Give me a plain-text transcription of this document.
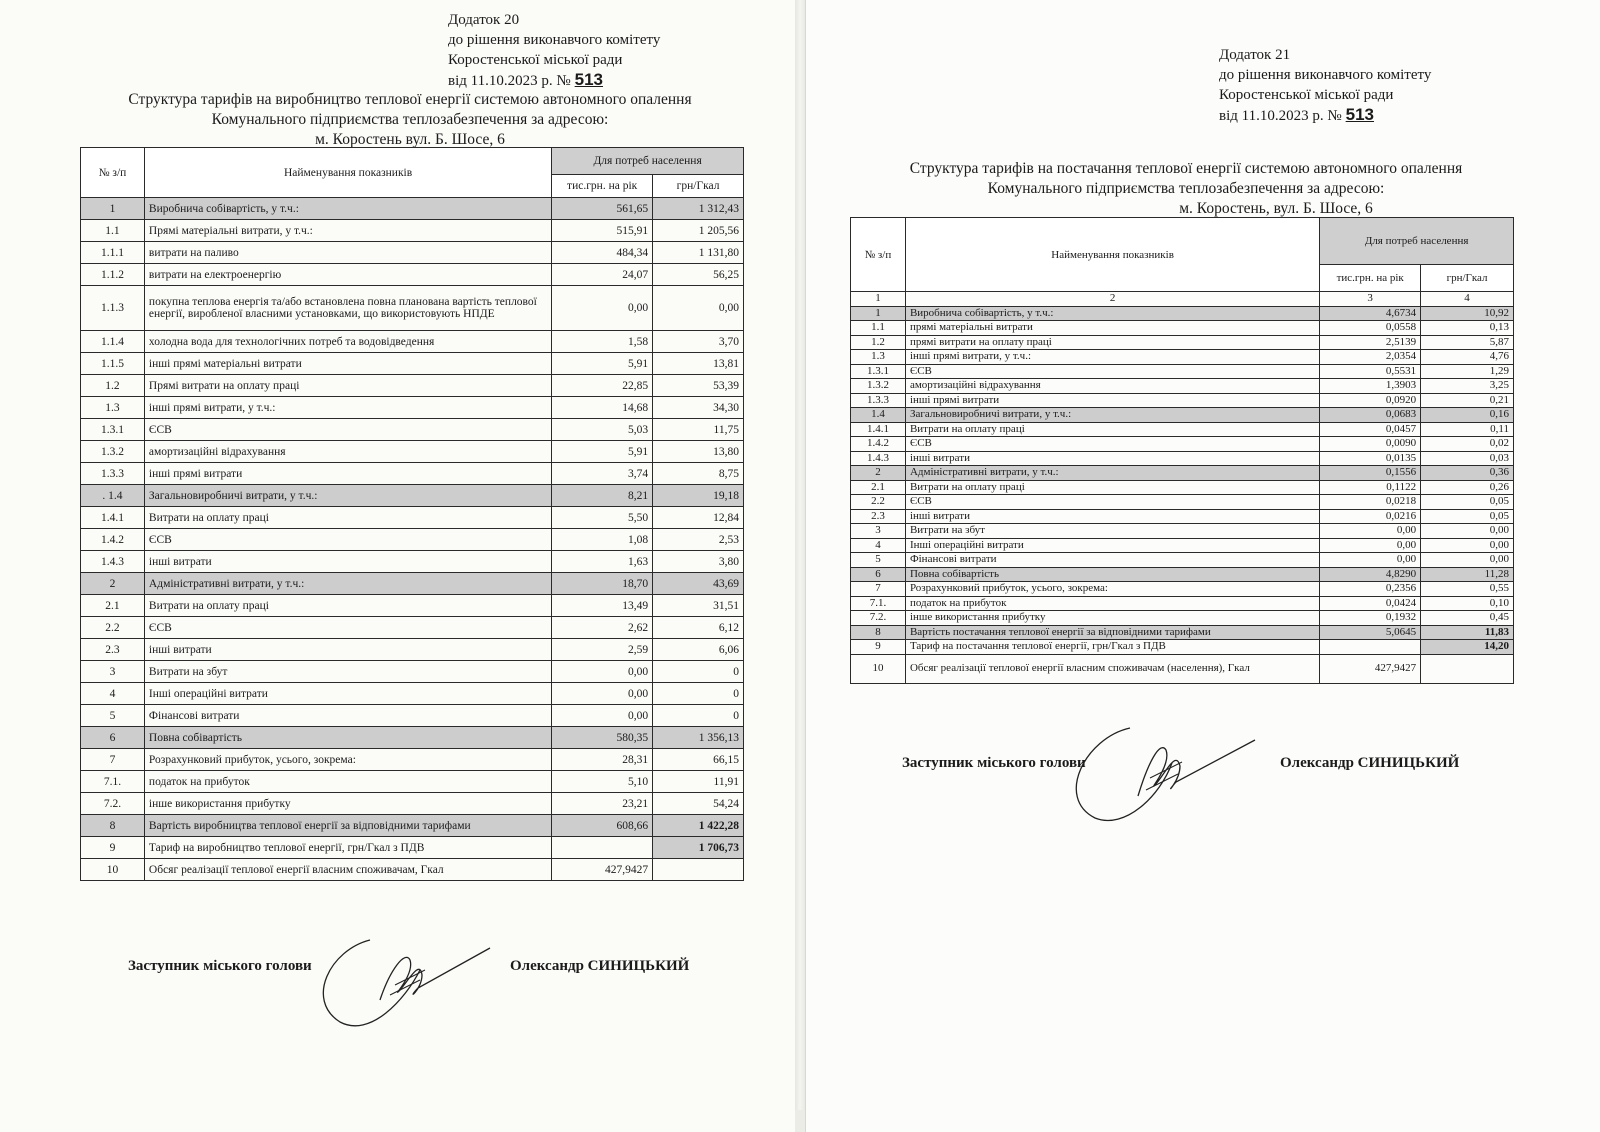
Додаток 20
до рішення виконавчого комітету
Коростенської міської ради
від 11.10.2023 р. № 513
Структура тарифів на виробництво теплової енергії системою автономного опалення
Комунального підприємства теплозабезпечення за адресою:
м. Коростень вул. Б. Шосе, 6
№ з/п	Найменування показників	Для потреб населення	
		тис.грн. на рік	грн/Гкал
1	Виробнича собівартість, у т.ч.:	561,65	1 312,43
1.1	Прямі матеріальні витрати, у т.ч.:	515,91	1 205,56
1.1.1	витрати на паливо	484,34	1 131,80
1.1.2	витрати на електроенергію	24,07	56,25
1.1.3	покупна теплова енергія та/або встановлена повна планована вартість теплової енергії, виробленої власними установками, що використовують НПДЕ	0,00	0,00
1.1.4	холодна вода для технологічних потреб та водовідведення	1,58	3,70
1.1.5	інші прямі матеріальні витрати	5,91	13,81
1.2	Прямі витрати на оплату праці	22,85	53,39
1.3	інші прямі витрати, у т.ч.:	14,68	34,30
1.3.1	ЄСВ	5,03	11,75
1.3.2	амортизаційні відрахування	5,91	13,80
1.3.3	інші прямі витрати	3,74	8,75
. 1.4	Загальновиробничі витрати, у т.ч.:	8,21	19,18
1.4.1	Витрати на оплату праці	5,50	12,84
1.4.2	ЄСВ	1,08	2,53
1.4.3	інші витрати	1,63	3,80
2	Адміністративні витрати, у т.ч.:	18,70	43,69
2.1	Витрати на оплату праці	13,49	31,51
2.2	ЄСВ	2,62	6,12
2.3	інші витрати	2,59	6,06
3	Витрати на збут	0,00	0
4	Інші операційні витрати	0,00	0
5	Фінансові витрати	0,00	0
6	Повна собівартість	580,35	1 356,13
7	Розрахунковий прибуток, усього, зокрема:	28,31	66,15
7.1.	податок на прибуток	5,10	11,91
7.2.	інше використання прибутку	23,21	54,24
8	Вартість виробництва теплової енергії за відповідними тарифами	608,66	1 422,28
9	Тариф на виробництво теплової енергії, грн/Гкал з ПДВ		1 706,73
10	Обсяг реалізації теплової енергії власним споживачам, Гкал	427,9427	
Заступник міського голови	Олександр СИНИЦЬКИЙ
Додаток 21
до рішення виконавчого комітету
Коростенської міської ради
від 11.10.2023 р. № 513
Структура тарифів на постачання теплової енергії системою автономного опалення
Комунального підприємства теплозабезпечення за адресою:
м. Коростень, вул. Б. Шосе, 6
№ з/п	Найменування показників	Для потреб населення	
		тис.грн. на рік	грн/Гкал
1	2	3	4
1	Виробнича собівартість, у т.ч.:	4,6734	10,92
1.1	прямі матеріальні витрати	0,0558	0,13
1.2	прямі витрати на оплату праці	2,5139	5,87
1.3	інші прямі витрати, у т.ч.:	2,0354	4,76
1.3.1	ЄСВ	0,5531	1,29
1.3.2	амортизаційні відрахування	1,3903	3,25
1.3.3	інші прямі витрати	0,0920	0,21
1.4	Загальновиробничі витрати, у т.ч.:	0,0683	0,16
1.4.1	Витрати на оплату праці	0,0457	0,11
1.4.2	ЄСВ	0,0090	0,02
1.4.3	інші витрати	0,0135	0,03
2	Адміністративні витрати, у т.ч.:	0,1556	0,36
2.1	Витрати на оплату праці	0,1122	0,26
2.2	ЄСВ	0,0218	0,05
2.3	інші витрати	0,0216	0,05
3	Витрати на збут	0,00	0,00
4	Інші операційні витрати	0,00	0,00
5	Фінансові витрати	0,00	0,00
6	Повна собівартість	4,8290	11,28
7	Розрахунковий прибуток, усього, зокрема:	0,2356	0,55
7.1.	податок на прибуток	0,0424	0,10
7.2.	інше використання прибутку	0,1932	0,45
8	Вартість постачання теплової енергії за відповідними тарифами	5,0645	11,83
9	Тариф на постачання теплової енергії, грн/Гкал з ПДВ		14,20
10	Обсяг реалізації теплової енергії власним споживачам (населення), Гкал	427,9427	
Заступник міського голови	Олександр СИНИЦЬКИЙ
